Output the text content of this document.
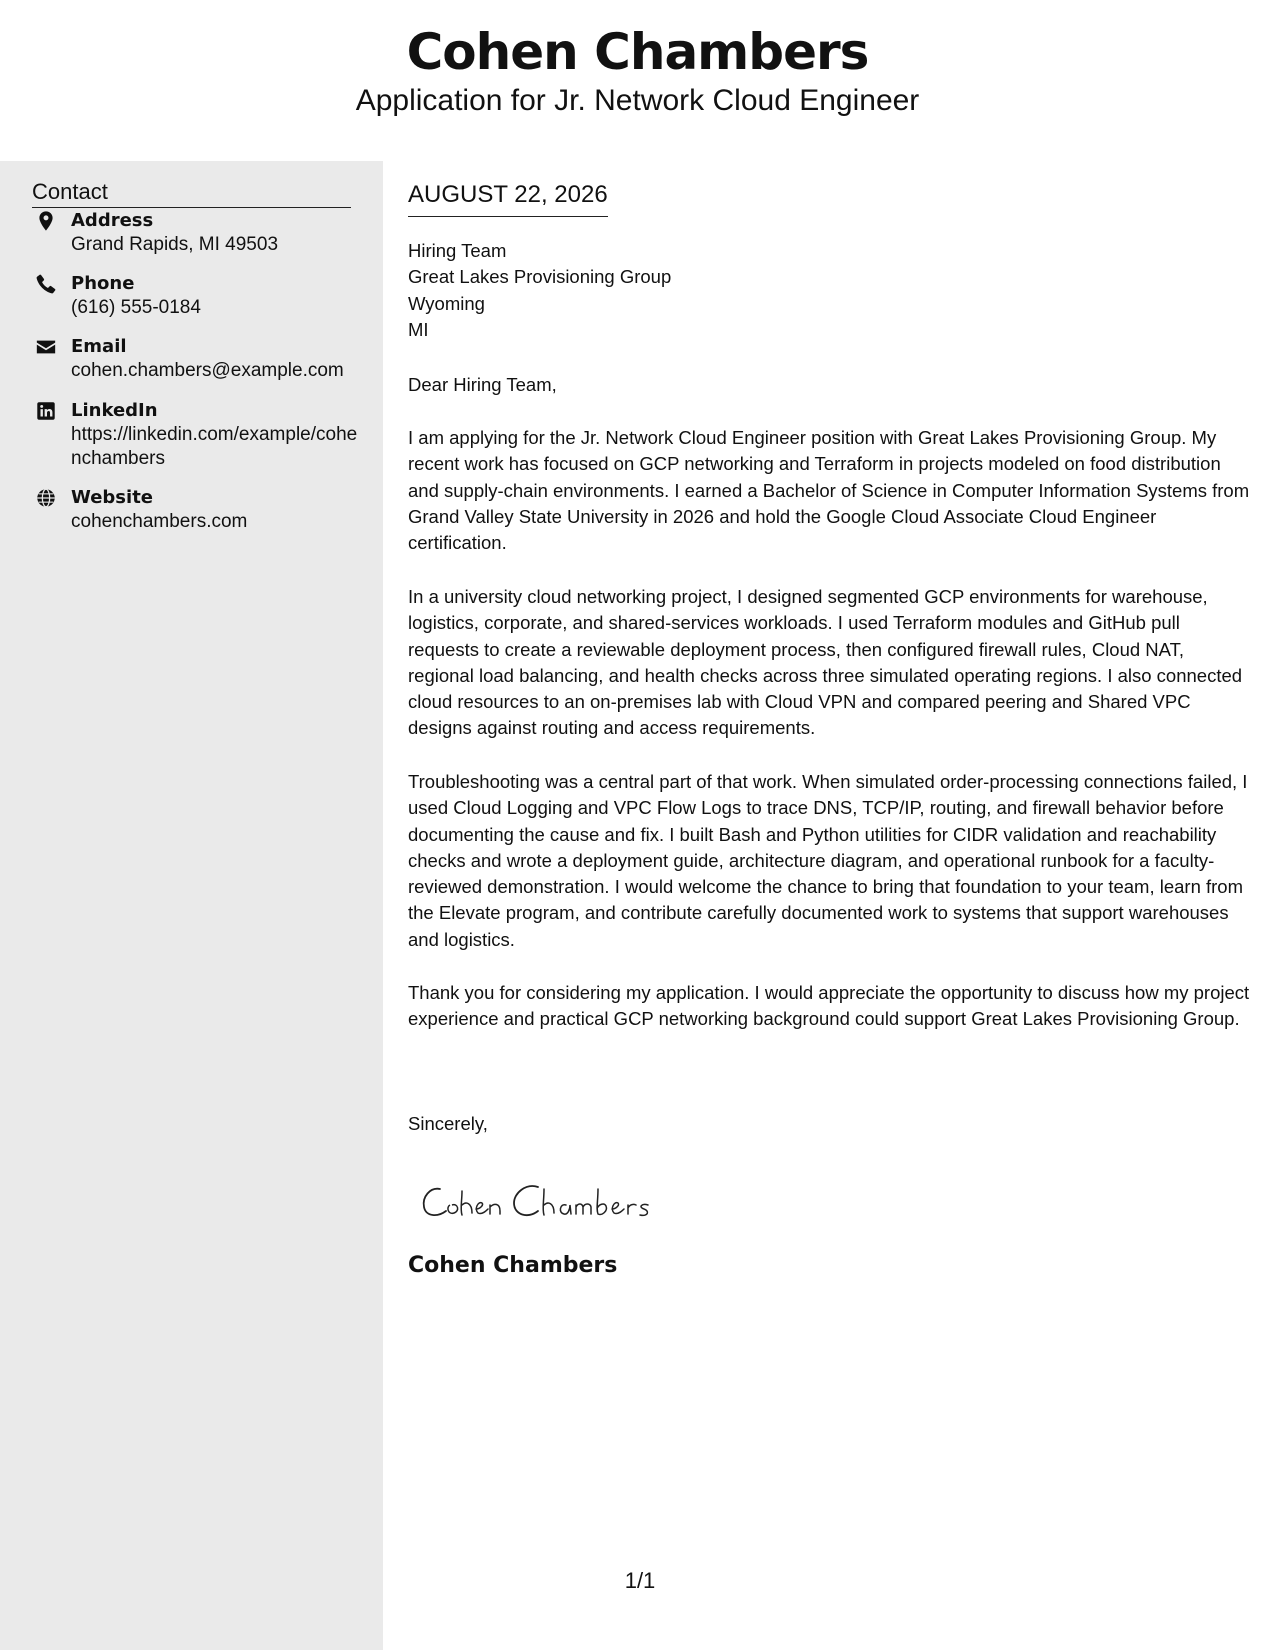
Cohen Chambers
Application for Jr. Network Cloud Engineer
Contact
Address
Grand Rapids, MI 49503
Phone
(616) 555-0184
Email
cohen.chambers@example.com
LinkedIn
https://linkedin.com/example/cohenchambers
Website
cohenchambers.com
AUGUST 22, 2026
Hiring Team
Great Lakes Provisioning Group
Wyoming
MI
Dear Hiring Team,
I am applying for the Jr. Network Cloud Engineer position with Great Lakes Provisioning Group. My recent work has focused on GCP networking and Terraform in projects modeled on food distribution and supply-chain environments. I earned a Bachelor of Science in Computer Information Systems from Grand Valley State University in 2026 and hold the Google Cloud Associate Cloud Engineer certification.
In a university cloud networking project, I designed segmented GCP environments for warehouse, logistics, corporate, and shared-services workloads. I used Terraform modules and GitHub pull requests to create a reviewable deployment process, then configured firewall rules, Cloud NAT, regional load balancing, and health checks across three simulated operating regions. I also connected cloud resources to an on-premises lab with Cloud VPN and compared peering and Shared VPC designs against routing and access requirements.
Troubleshooting was a central part of that work. When simulated order-processing connections failed, I used Cloud Logging and VPC Flow Logs to trace DNS, TCP/IP, routing, and firewall behavior before documenting the cause and fix. I built Bash and Python utilities for CIDR validation and reachability checks and wrote a deployment guide, architecture diagram, and operational runbook for a faculty-reviewed demonstration. I would welcome the chance to bring that foundation to your team, learn from the Elevate program, and contribute carefully documented work to systems that support warehouses and logistics.
Thank you for considering my application. I would appreciate the opportunity to discuss how my project experience and practical GCP networking background could support Great Lakes Provisioning Group.
Sincerely,
Cohen Chambers
1/1
